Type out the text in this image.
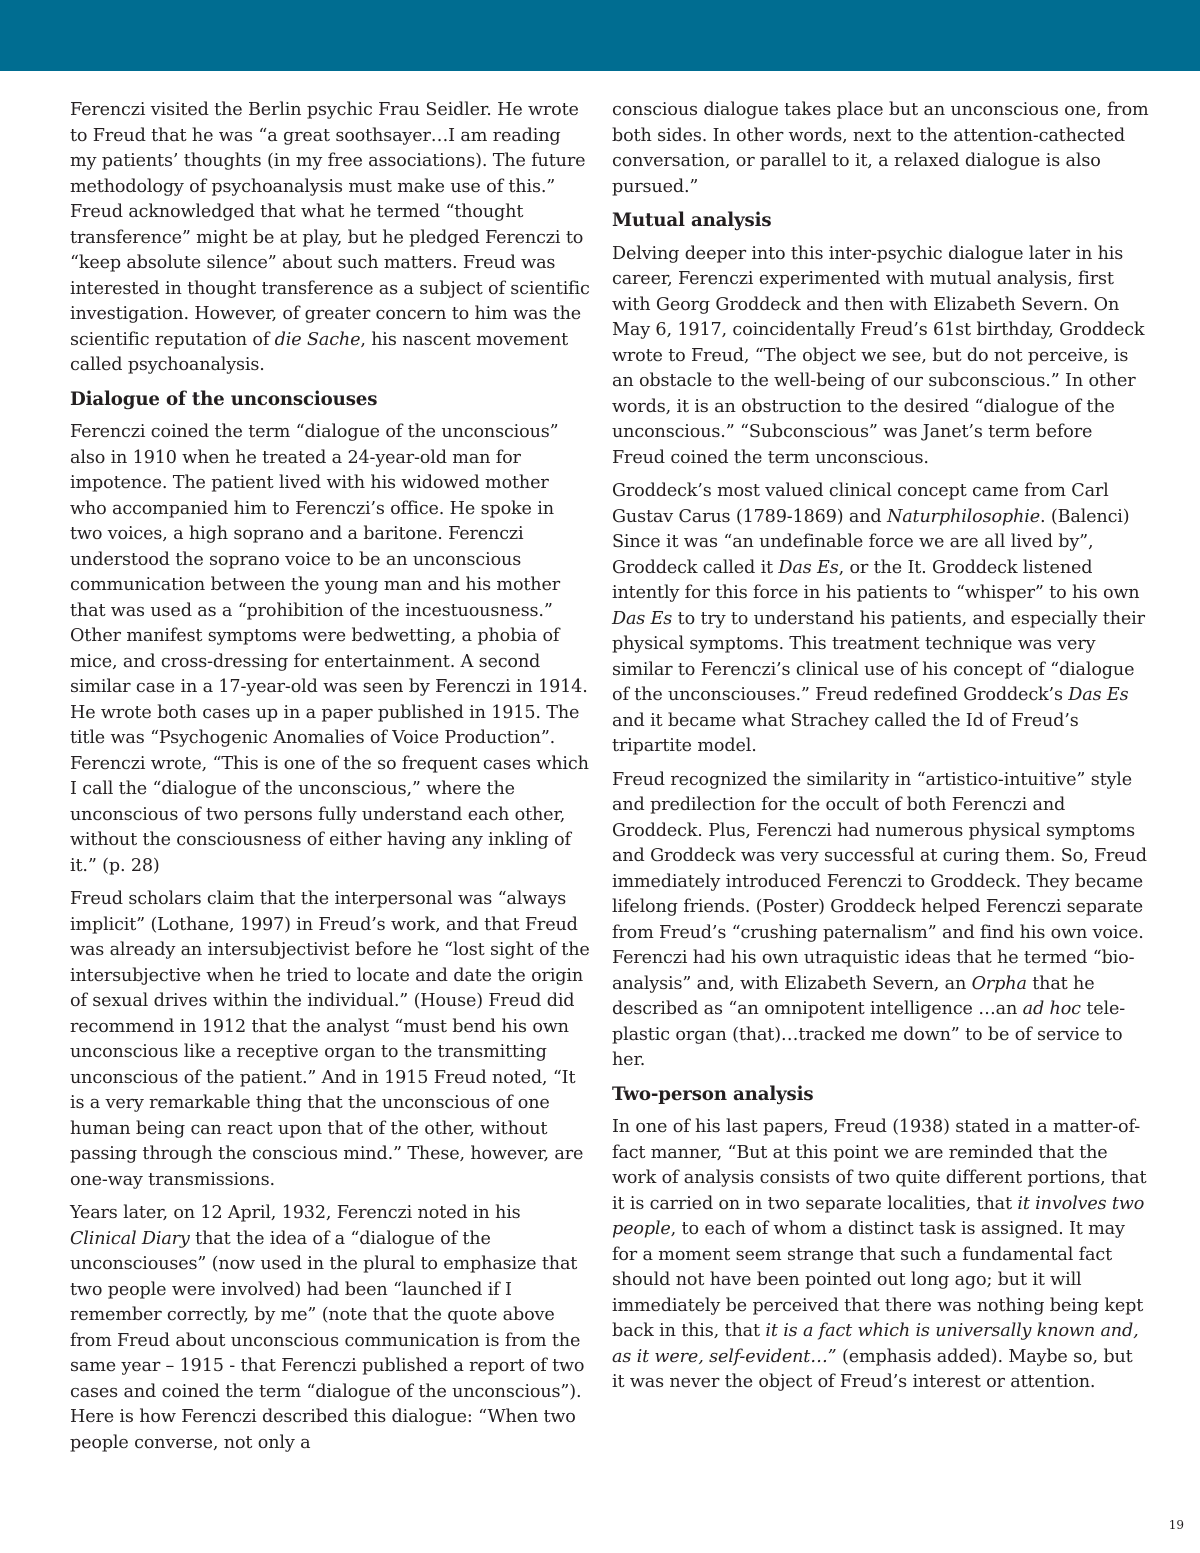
Ferenczi visited the Berlin psychic Frau Seidler. He wrote to Freud that he was “a great soothsayer…I am reading my patients’ thoughts (in my free associations). The future methodology of psychoanalysis must make use of this.” Freud acknowledged that what he termed “thought transference” might be at play, but he pledged Ferenczi to “keep absolute silence” about such matters. Freud was interested in thought transference as a subject of scientific investigation. However, of greater concern to him was the scientific reputation of die Sache, his nascent movement called psychoanalysis.

Dialogue of the unconsciouses

Ferenczi coined the term “dialogue of the unconscious” also in 1910 when he treated a 24-year-old man for impotence. The patient lived with his widowed mother who accompanied him to Ferenczi’s office. He spoke in two voices, a high soprano and a baritone. Ferenczi understood the soprano voice to be an unconscious communication between the young man and his mother that was used as a “prohibition of the incestuousness.” Other manifest symptoms were bedwetting, a phobia of mice, and cross-dressing for entertainment. A second similar case in a 17-year-old was seen by Ferenczi in 1914. He wrote both cases up in a paper published in 1915. The title was “Psychogenic Anomalies of Voice Production”. Ferenczi wrote, “This is one of the so frequent cases which I call the “dialogue of the unconscious,” where the unconscious of two persons fully understand each other, without the consciousness of either having any inkling of it.” (p. 28)

Freud scholars claim that the interpersonal was “always implicit” (Lothane, 1997) in Freud’s work, and that Freud was already an intersubjectivist before he “lost sight of the intersubjective when he tried to locate and date the origin of sexual drives within the individual.” (House) Freud did recommend in 1912 that the analyst “must bend his own unconscious like a receptive organ to the transmitting unconscious of the patient.” And in 1915 Freud noted, “It is a very remarkable thing that the unconscious of one human being can react upon that of the other, without passing through the conscious mind.” These, however, are one-way transmissions.

Years later, on 12 April, 1932, Ferenczi noted in his Clinical Diary that the idea of a “dialogue of the unconsciouses” (now used in the plural to emphasize that two people were involved) had been “launched if I remember correctly, by me” (note that the quote above from Freud about unconscious communication is from the same year – 1915 - that Ferenczi published a report of two cases and coined the term “dialogue of the unconscious”). Here is how Ferenczi described this dialogue: “When two people converse, not only a

conscious dialogue takes place but an unconscious one, from both sides. In other words, next to the attention-cathected conversation, or parallel to it, a relaxed dialogue is also pursued.”

Mutual analysis

Delving deeper into this inter-psychic dialogue later in his career, Ferenczi experimented with mutual analysis, first with Georg Groddeck and then with Elizabeth Severn. On May 6, 1917, coincidentally Freud’s 61st birthday, Groddeck wrote to Freud, “The object we see, but do not perceive, is an obstacle to the well-being of our subconscious.” In other words, it is an obstruction to the desired “dialogue of the unconscious.” “Subconscious” was Janet’s term before Freud coined the term unconscious.

Groddeck’s most valued clinical concept came from Carl Gustav Carus (1789-1869) and Naturphilosophie. (Balenci) Since it was “an undefinable force we are all lived by”, Groddeck called it Das Es, or the It. Groddeck listened intently for this force in his patients to “whisper” to his own Das Es to try to understand his patients, and especially their physical symptoms. This treatment technique was very similar to Ferenczi’s clinical use of his concept of “dialogue of the unconsciouses.” Freud redefined Groddeck’s Das Es and it became what Strachey called the Id of Freud’s tripartite model.

Freud recognized the similarity in “artistico-intuitive” style and predilection for the occult of both Ferenczi and Groddeck. Plus, Ferenczi had numerous physical symptoms and Groddeck was very successful at curing them. So, Freud immediately introduced Ferenczi to Groddeck. They became lifelong friends. (Poster) Groddeck helped Ferenczi separate from Freud’s “crushing paternalism” and find his own voice. Ferenczi had his own utraquistic ideas that he termed “bio-analysis” and, with Elizabeth Severn, an Orpha that he described as “an omnipotent intelligence …an ad hoc tele-plastic organ (that)…tracked me down” to be of service to her.

Two-person analysis

In one of his last papers, Freud (1938) stated in a matter-of-fact manner, “But at this point we are reminded that the work of analysis consists of two quite different portions, that it is carried on in two separate localities, that it involves two people, to each of whom a distinct task is assigned. It may for a moment seem strange that such a fundamental fact should not have been pointed out long ago; but it will immediately be perceived that there was nothing being kept back in this, that it is a fact which is universally known and, as it were, self-evident…” (emphasis added). Maybe so, but it was never the object of Freud’s interest or attention.

19
